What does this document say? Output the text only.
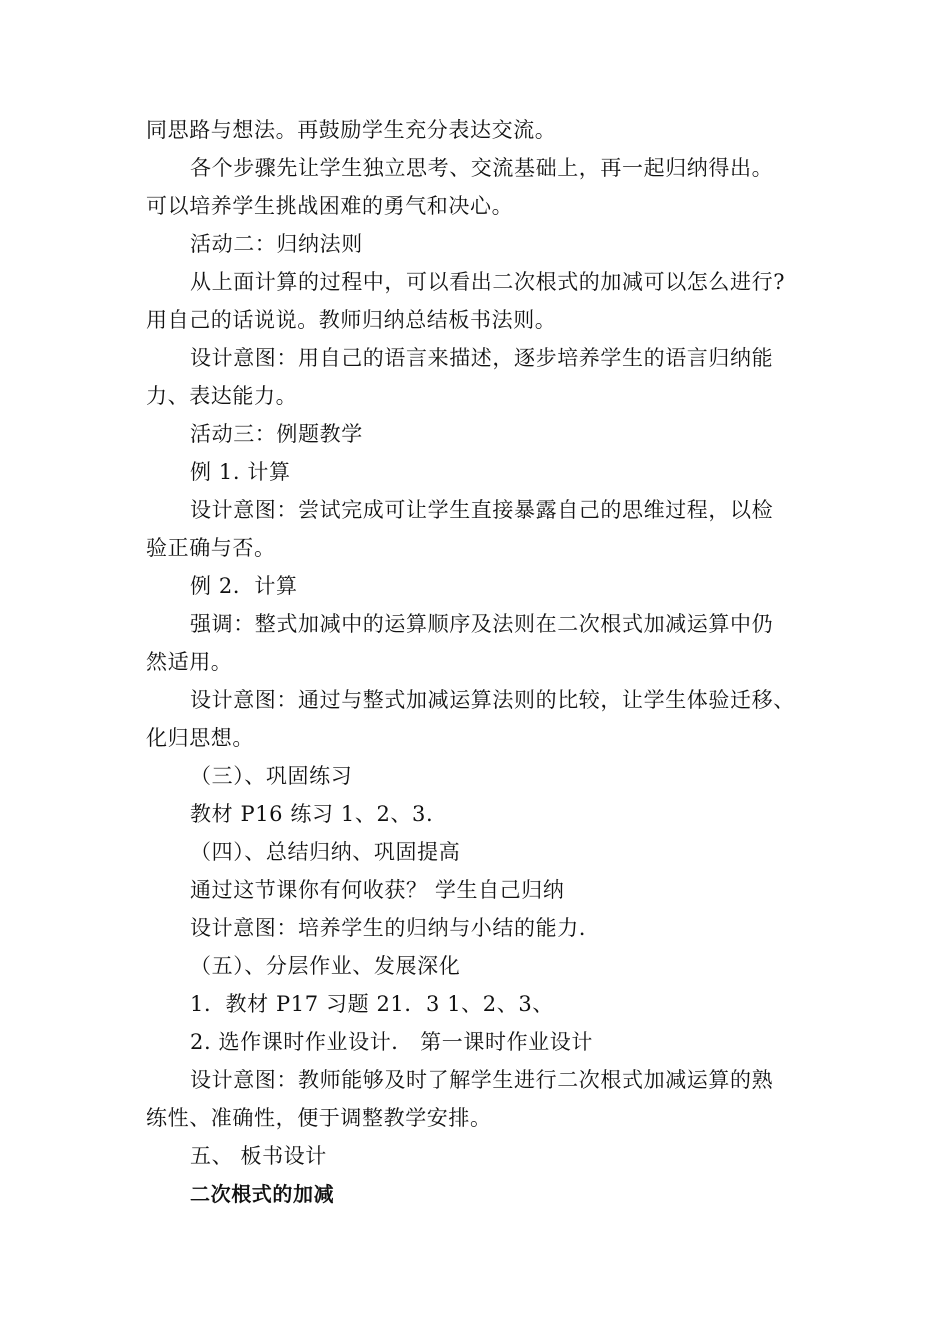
同思路与想法。再鼓励学生充分表达交流。
各个步骤先让学生独立思考、交流基础上，再一起归纳得出。
可以培养学生挑战困难的勇气和决心。
活动二：归纳法则
从上面计算的过程中，可以看出二次根式的加减可以怎么进行?
用自己的话说说。教师归纳总结板书法则。
设计意图：用自己的语言来描述，逐步培养学生的语言归纳能
力、表达能力。
活动三：例题教学
例 1. 计算
设计意图：尝试完成可让学生直接暴露自己的思维过程，以检
验正确与否。
例 2．计算
强调：整式加减中的运算顺序及法则在二次根式加减运算中仍
然适用。
设计意图：通过与整式加减运算法则的比较，让学生体验迁移、
化归思想。
（三）、巩固练习
教材 P16 练习 1、2、3.
（四）、总结归纳、巩固提高
通过这节课你有何收获？ 学生自己归纳
设计意图：培养学生的归纳与小结的能力.
（五）、分层作业、发展深化
1．教材 P17 习题 21．3 1、2、3、
2. 选作课时作业设计． 第一课时作业设计
设计意图：教师能够及时了解学生进行二次根式加减运算的熟
练性、准确性，便于调整教学安排。
五、 板书设计
二次根式的加减
